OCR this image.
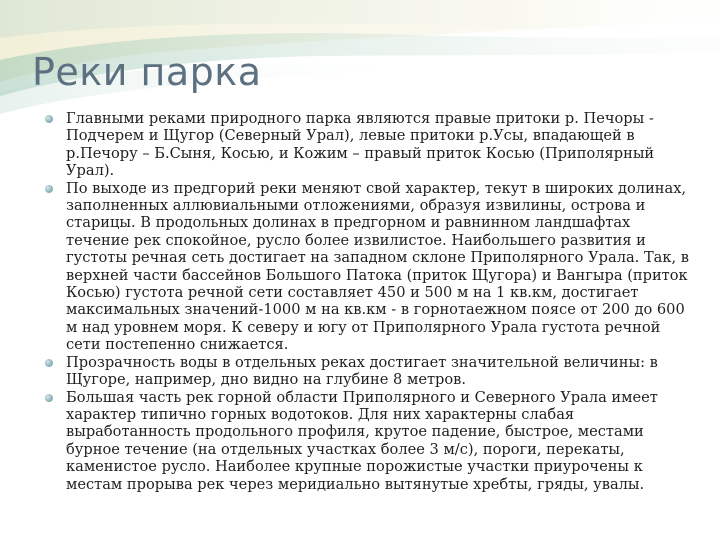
Реки парка

Главными реками природного парка являются правые притоки р. Печоры - Подчерем и Щугор (Северный Урал), левые притоки р.Усы, впадающей в р.Печору – Б.Сыня, Косью, и Кожим – правый приток Косью (Приполярный Урал).

По выходе из предгорий реки меняют свой характер, текут в широких долинах, заполненных аллювиальными отложениями, образуя извилины, острова и старицы. В продольных долинах в предгорном и равнинном ландшафтах течение рек спокойное, русло более извилистое. Наибольшего развития и густоты речная сеть достигает на западном склоне Приполярного Урала. Так, в верхней части бассейнов Большого Патока (приток Щугора) и Вангыра (приток Косью) густота речной сети составляет 450 и 500 м на 1 кв.км, достигает максимальных значений-1000 м на кв.км - в горнотаежном поясе от 200 до 600 м над уровнем моря. К северу и югу от Приполярного Урала густота речной сети постепенно снижается.

Прозрачность воды в отдельных реках достигает значительной величины: в Щугоре, например, дно видно на глубине 8 метров.

Большая часть рек горной области Приполярного и Северного Урала имеет характер типично горных водотоков. Для них характерны слабая выработанность продольного профиля, крутое падение, быстрое, местами бурное течение (на отдельных участках более 3 м/с), пороги, перекаты, каменистое русло. Наиболее крупные порожистые участки приурочены к местам прорыва рек через меридиально вытянутые хребты, гряды, увалы.
